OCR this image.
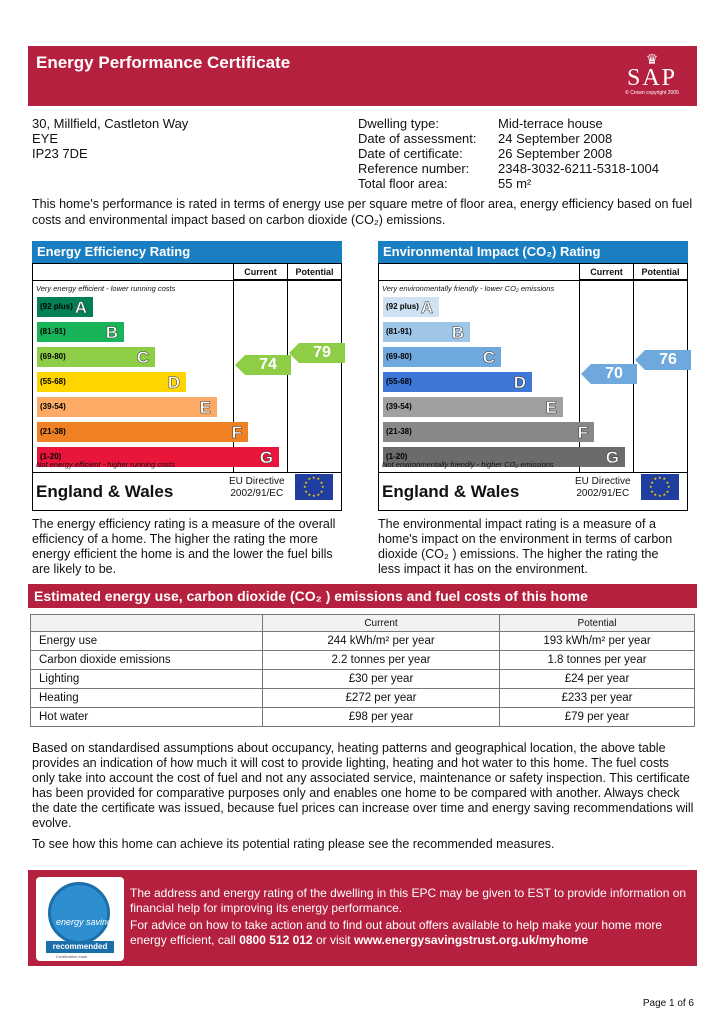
Energy Performance Certificate	♛
SAP
© Crown copyright 2005
30, Millfield, Castleton Way
EYE
IP23 7DE
Dwelling type:	Mid-terrace house
Date of assessment:	24 September 2008
Date of certificate:	26 September 2008
Reference number:	2348-3032-6211-5318-1004
Total floor area:	55 m²
This home's performance is rated in terms of energy use per square metre of floor area, energy efficiency based on fuel costs and environmental impact based on carbon dioxide (CO₂) emissions.
Energy Efficiency Rating
Current	Potential
Very energy efficient - lower running costs
(92 plus) A
(81-91) B
(69-80)	C
(55-68)	D
(39-54)	E
(21-38)	F
(1-20)	G
Not energy efficient - higher running costs
74
79
England & Wales
EU Directive
2002/91/EC
★
★
★
★
★
★
★
★
★ ★ ★
★
Environmental Impact (CO₂) Rating
Current	Potential
Very environmentally friendly - lower CO₂ emissions
(92 plus) A
(81-91) B
(69-80)	C
(55-68)	D
(39-54)	E
(21-38)	F
(1-20)	G
Not environmentally friendly - higher CO₂ emissions
70
76
England & Wales
EU Directive
2002/91/EC
★
★
★
★
★
★
★
★
★ ★ ★
★
The energy efficiency rating is a measure of the overall efficiency of a home. The higher the rating the more energy efficient the home is and the lower the fuel bills are likely to be.
The environmental impact rating is a measure of a home's impact on the environment in terms of carbon dioxide (CO₂ ) emissions. The higher the rating the less impact it has on the environment.
Estimated energy use, carbon dioxide (CO₂ ) emissions and fuel costs of this home
	Current	Potential
Energy use	244 kWh/m² per year	193 kWh/m² per year
Carbon dioxide emissions	2.2 tonnes per year	1.8 tonnes per year
Lighting	£30 per year	£24 per year
Heating	£272 per year	£233 per year
Hot water	£98 per year	£79 per year
Based on standardised assumptions about occupancy, heating patterns and geographical location, the above table provides an indication of how much it will cost to provide lighting, heating and hot water to this home. The fuel costs only take into account the cost of fuel and not any associated service, maintenance or safety inspection. This certificate has been provided for comparative purposes only and enables one home to be compared with another. Always check the date the certificate was issued, because fuel prices can increase over time and energy saving recommendations will evolve.
To see how this home can achieve its potential rating please see the recommended measures.
energy saving
recommended
Certification mark
The address and energy rating of the dwelling in this EPC may be given to EST to provide information on financial help for improving its energy performance.
For advice on how to take action and to find out about offers available to help make your home more energy efficient, call 0800 512 012 or visit www.energysavingstrust.org.uk/myhome
Page 1 of 6
